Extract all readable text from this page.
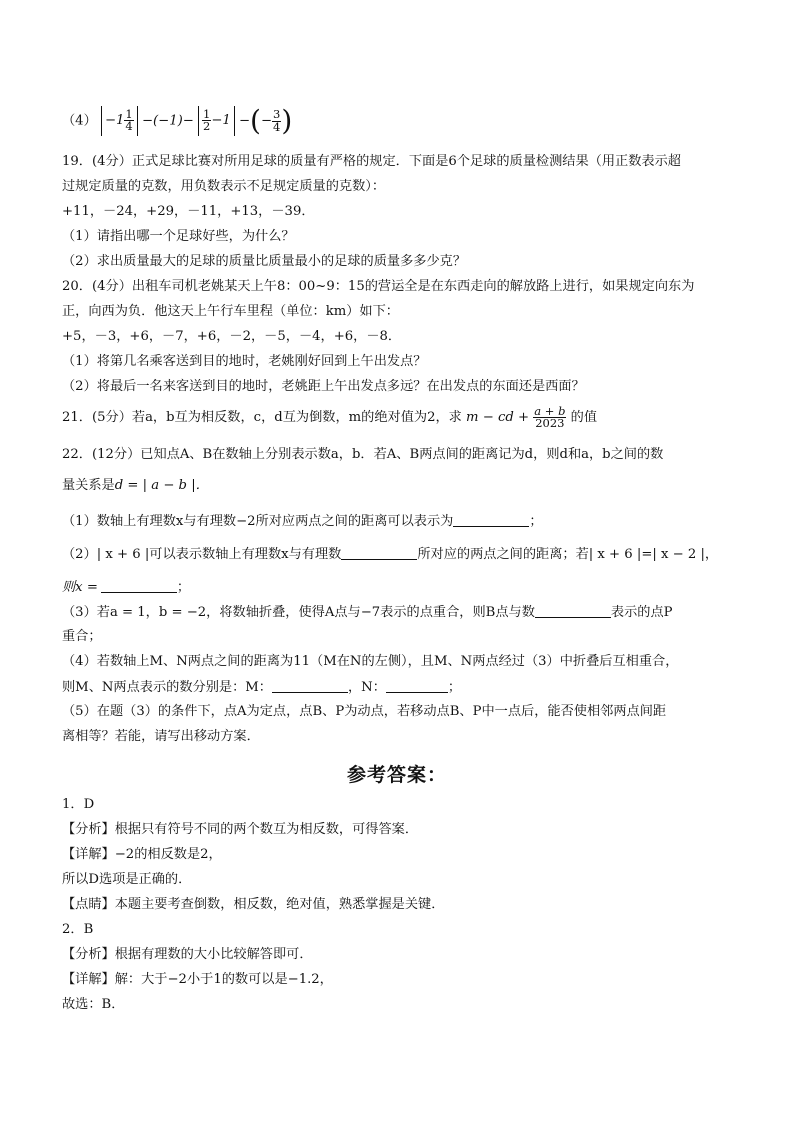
$(4) -1 \frac{1}{4} -(-1)- \frac{1}{2} -1$ −(− $\frac{3}{4}$ )
19．(4分）正式足球比赛对所用足球的质量有严格的规定．下面是6个足球的质量检测结果（用正数表示超
过规定质量的克数，用负数表示不足规定质量的克数）：
+11，－24，+29，－11，+13，－39．
（1）请指出哪一个足球好些，为什么？
（2）求出质量最大的足球的质量比质量最小的足球的质量多多少克？
20．(4分）出租车司机老姚某天上午8：00~9：15的营运全是在东西走向的解放路上进行，如果规定向东为
正，向西为负．他这天上午行车里程（单位：km）如下：
+5，－3，+6，－7，+6，－2，－5，－4，+6，－8．
（1）将第几名乘客送到目的地时，老姚刚好回到上午出发点？
（2）将最后一名来客送到目的地时，老姚距上午出发点多远？在出发点的东面还是西面？
21．(5分）若a，b互为相反数，c，d互为倒数，m的绝对值为2，求 m − cd + $\frac{a + b}{2023}$ 的值
22．(12分）已知点A、B在数轴上分别表示数a，b．若A、B两点间的距离记为d，则d和a，b之间的数
量关系是d = | a − b |．
（1）数轴上有理数x与有理数−2所对应两点之间的距离可以表示为	；
（2）| x + 6 |可以表示数轴上有理数x与有理数	所对应的两点之间的距离；若| x + 6 |=| x − 2 |，
则x =	；
（3）若a = 1，b = −2，将数轴折叠，使得A点与−7表示的点重合，则B点与数	表示的点P
重合；
（4）若数轴上M、N两点之间的距离为11（M在N的左侧），且M、N两点经过（3）中折叠后互相重合，
则M、N两点表示的数分别是：M：	，N：	；
（5）在题（3）的条件下，点A为定点，点B、P为动点，若移动点B、P中一点后，能否使相邻两点间距
离相等？若能，请写出移动方案．
参考答案：
1．D
【分析】根据只有符号不同的两个数互为相反数，可得答案．
【详解】−2的相反数是2，
所以D选项是正确的．
【点睛】本题主要考查倒数，相反数，绝对值，熟悉掌握是关键．
2．B
【分析】根据有理数的大小比较解答即可．
【详解】解：大于−2小于1的数可以是−1.2，
故选：B．
